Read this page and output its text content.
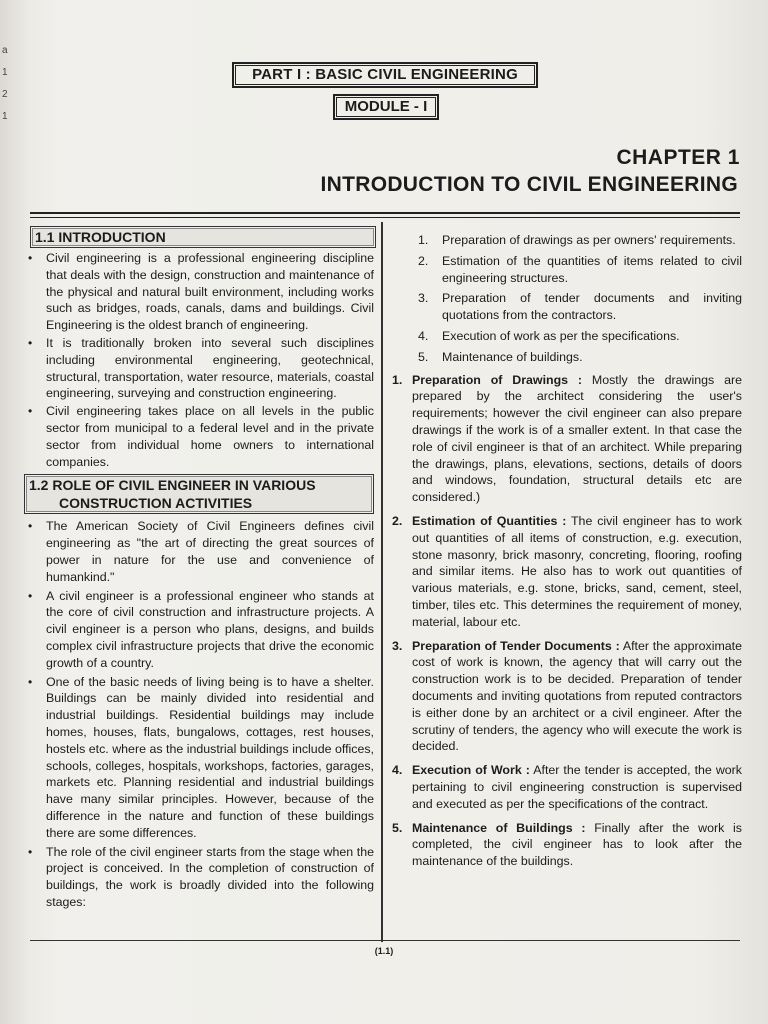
a
1
2
1
PART I : BASIC CIVIL ENGINEERING
MODULE - I
CHAPTER 1
INTRODUCTION TO CIVIL ENGINEERING
1.1 INTRODUCTION

• Civil engineering is a professional engineering discipline that deals with the design, construction and maintenance of the physical and natural built environment, including works such as bridges, roads, canals, dams and buildings. Civil Engineering is the oldest branch of engineering.

• It is traditionally broken into several such disciplines including environmental engineering, geotechnical, structural, transportation, water resource, materials, coastal engineering, surveying and construction engineering.

• Civil engineering takes place on all levels in the public sector from municipal to a federal level and in the private sector from individual home owners to international companies.

1.2 ROLE OF CIVIL ENGINEER IN VARIOUS
CONSTRUCTION ACTIVITIES

• The American Society of Civil Engineers defines civil engineering as "the art of directing the great sources of power in nature for the use and convenience of humankind."

• A civil engineer is a professional engineer who stands at the core of civil construction and infrastructure projects. A civil engineer is a person who plans, designs, and builds complex civil infrastructure projects that drive the economic growth of a country.

• One of the basic needs of living being is to have a shelter. Buildings can be mainly divided into residential and industrial buildings. Residential buildings may include homes, houses, flats, bungalows, cottages, rest houses, hostels etc. where as the industrial buildings include offices, schools, colleges, hospitals, workshops, factories, garages, markets etc. Planning residential and industrial buildings have many similar principles. However, because of the difference in the nature and function of these buildings there are some differences.

• The role of the civil engineer starts from the stage when the project is conceived. In the completion of construction of buildings, the work is broadly divided into the following stages:

1. Preparation of drawings as per owners' requirements.
2. Estimation of the quantities of items related to civil engineering structures.
3. Preparation of tender documents and inviting quotations from the contractors.
4. Execution of work as per the specifications.
5. Maintenance of buildings.
1. Preparation of Drawings : Mostly the drawings are prepared by the architect considering the user's requirements; however the civil engineer can also prepare drawings if the work is of a smaller extent. In that case the role of civil engineer is that of an architect. While preparing the drawings, plans, elevations, sections, details of doors and windows, foundation, structural details etc are considered.)
2. Estimation of Quantities : The civil engineer has to work out quantities of all items of construction, e.g. execution, stone masonry, brick masonry, concreting, flooring, roofing and similar items. He also has to work out quantities of various materials, e.g. stone, bricks, sand, cement, steel, timber, tiles etc. This determines the requirement of money, material, labour etc.
3. Preparation of Tender Documents : After the approximate cost of work is known, the agency that will carry out the construction work is to be decided. Preparation of tender documents and inviting quotations from reputed contractors is either done by an architect or a civil engineer. After the scrutiny of tenders, the agency who will execute the work is decided.
4. Execution of Work : After the tender is accepted, the work pertaining to civil engineering construction is supervised and executed as per the specifications of the contract.
5. Maintenance of Buildings : Finally after the work is completed, the civil engineer has to look after the maintenance of the buildings.
(1.1)
